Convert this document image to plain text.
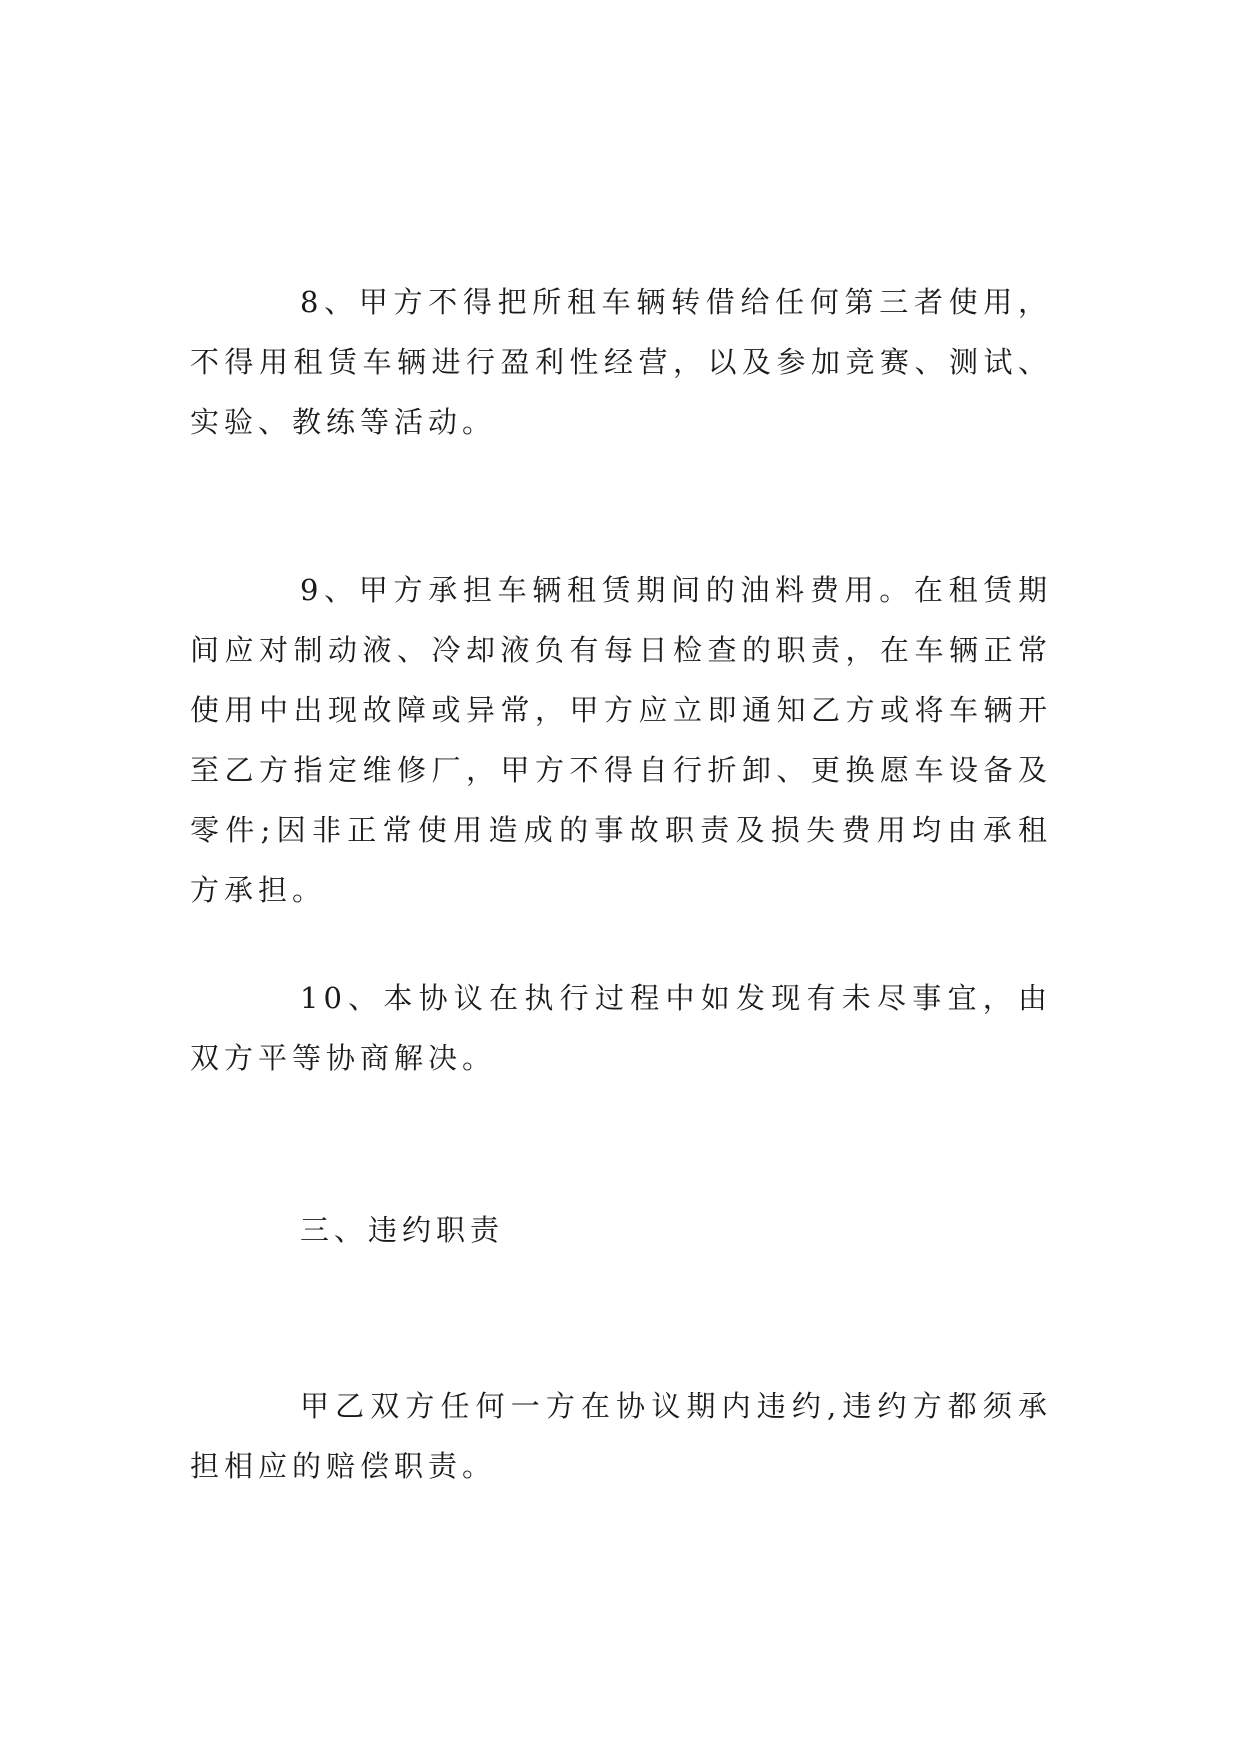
8、甲方不得把所租车辆转借给任何第三者使用，不得用租赁车辆进行盈利性经营，以及参加竞赛、测试、实验、教练等活动。

9、甲方承担车辆租赁期间的油料费用。在租赁期间应对制动液、冷却液负有每日检查的职责，在车辆正常使用中出现故障或异常，甲方应立即通知乙方或将车辆开至乙方指定维修厂，甲方不得自行折卸、更换愿车设备及零件;因非正常使用造成的事故职责及损失费用均由承租方承担。

10、本协议在执行过程中如发现有未尽事宜，由双方平等协商解决。

三、违约职责

甲乙双方任何一方在协议期内违约,违约方都须承担相应的赔偿职责。
